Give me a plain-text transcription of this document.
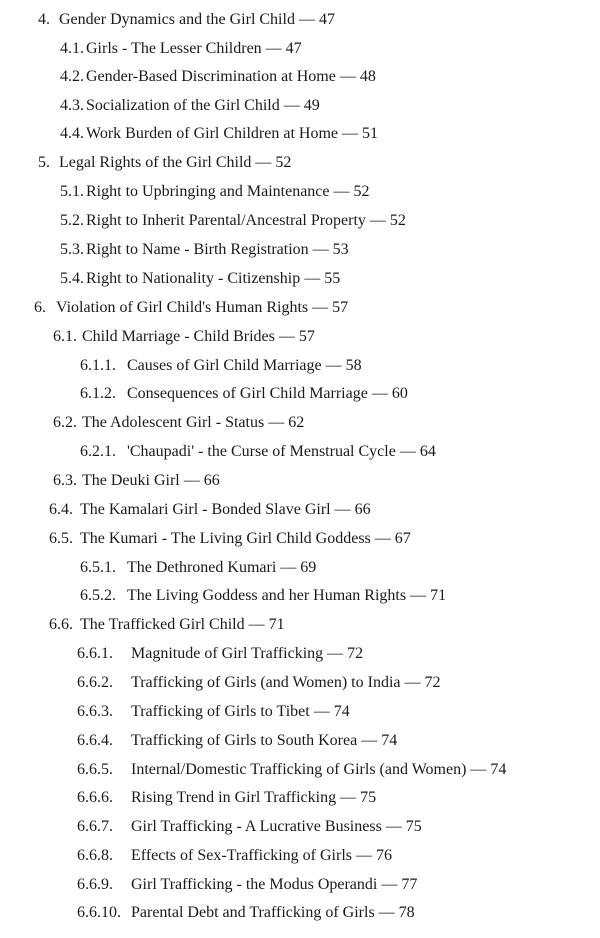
4. Gender Dynamics and the Girl Child — 47
4.1. Girls - The Lesser Children — 47
4.2. Gender-Based Discrimination at Home — 48
4.3. Socialization of the Girl Child — 49
4.4. Work Burden of Girl Children at Home — 51
5. Legal Rights of the Girl Child — 52
5.1. Right to Upbringing and Maintenance — 52
5.2. Right to Inherit Parental/Ancestral Property — 52
5.3. Right to Name - Birth Registration — 53
5.4. Right to Nationality - Citizenship — 55
6. Violation of Girl Child's Human Rights — 57
6.1. Child Marriage - Child Brides — 57
6.1.1. Causes of Girl Child Marriage — 58
6.1.2. Consequences of Girl Child Marriage — 60
6.2. The Adolescent Girl - Status — 62
6.2.1. 'Chaupadi' - the Curse of Menstrual Cycle — 64
6.3. The Deuki Girl — 66
6.4. The Kamalari Girl - Bonded Slave Girl — 66
6.5. The Kumari - The Living Girl Child Goddess — 67
6.5.1. The Dethroned Kumari — 69
6.5.2. The Living Goddess and her Human Rights — 71
6.6. The Trafficked Girl Child — 71
6.6.1. Magnitude of Girl Trafficking — 72
6.6.2. Trafficking of Girls (and Women) to India — 72
6.6.3. Trafficking of Girls to Tibet — 74
6.6.4. Trafficking of Girls to South Korea — 74
6.6.5. Internal/Domestic Trafficking of Girls (and Women) — 74
6.6.6. Rising Trend in Girl Trafficking — 75
6.6.7. Girl Trafficking - A Lucrative Business — 75
6.6.8. Effects of Sex-Trafficking of Girls — 76
6.6.9. Girl Trafficking - the Modus Operandi — 77
6.6.10. Parental Debt and Trafficking of Girls — 78
